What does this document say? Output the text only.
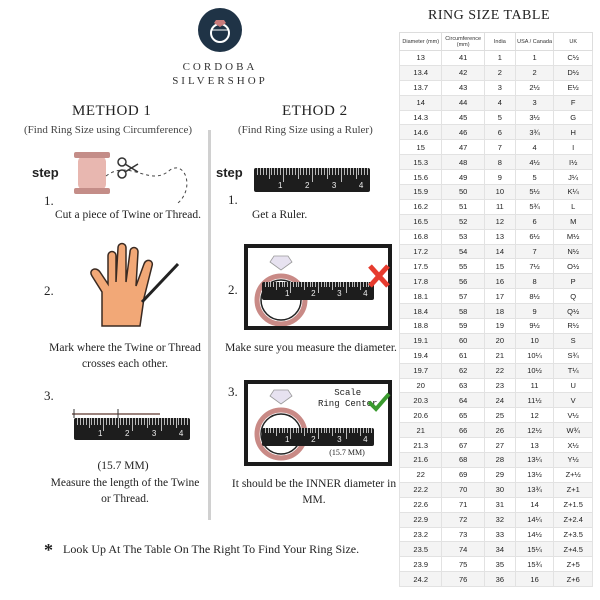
CORDOBA
SILVERSHOP
METHOD 1
(Find Ring Size using Circumference)
step
1.
Cut a piece of Twine or Thread.
2.
Mark where the Twine or Thread crosses each other.
3.
1	2	3	4
(15.7 MM)
Measure the length of the Twine or Thread.
ETHOD 2
(Find Ring Size using a Ruler)
step
1	2	3	4
1.
Get a Ruler.
1	2	3	4
2.
Make sure you measure the diameter.
Scale
Ring Center
1	2	3	4
(15.7 MM)
3.
It should be the INNER diameter in MM.
* Look Up At The Table On The Right To Find Your Ring Size.
RING SIZE TABLE
Diameter (mm)	Circumference (mm)	India	USA / Canada	UK
13	41	1	1	C½
13.4	42	2	2	D½
13.7	43	3	2½	E½
14	44	4	3	F
14.3	45	5	3½	G
14.6	46	6	3¾	H
15	47	7	4	I
15.3	48	8	4½	I½
15.6	49	9	5	J¼
15.9	50	10	5½	K¼
16.2	51	11	5¾	L
16.5	52	12	6	M
16.8	53	13	6½	M½
17.2	54	14	7	N½
17.5	55	15	7½	O½
17.8	56	16	8	P
18.1	57	17	8½	Q
18.4	58	18	9	Q½
18.8	59	19	9½	R½
19.1	60	20	10	S
19.4	61	21	10¼	S¾
19.7	62	22	10½	T¼
20	63	23	11	U
20.3	64	24	11½	V
20.6	65	25	12	V½
21	66	26	12½	W¾
21.3	67	27	13	X½
21.6	68	28	13¼	Y½
22	69	29	13½	Z+½
22.2	70	30	13¾	Z+1
22.6	71	31	14	Z+1.5
22.9	72	32	14¼	Z+2.4
23.2	73	33	14½	Z+3.5
23.5	74	34	15¼	Z+4.5
23.9	75	35	15¾	Z+5
24.2	76	36	16	Z+6
